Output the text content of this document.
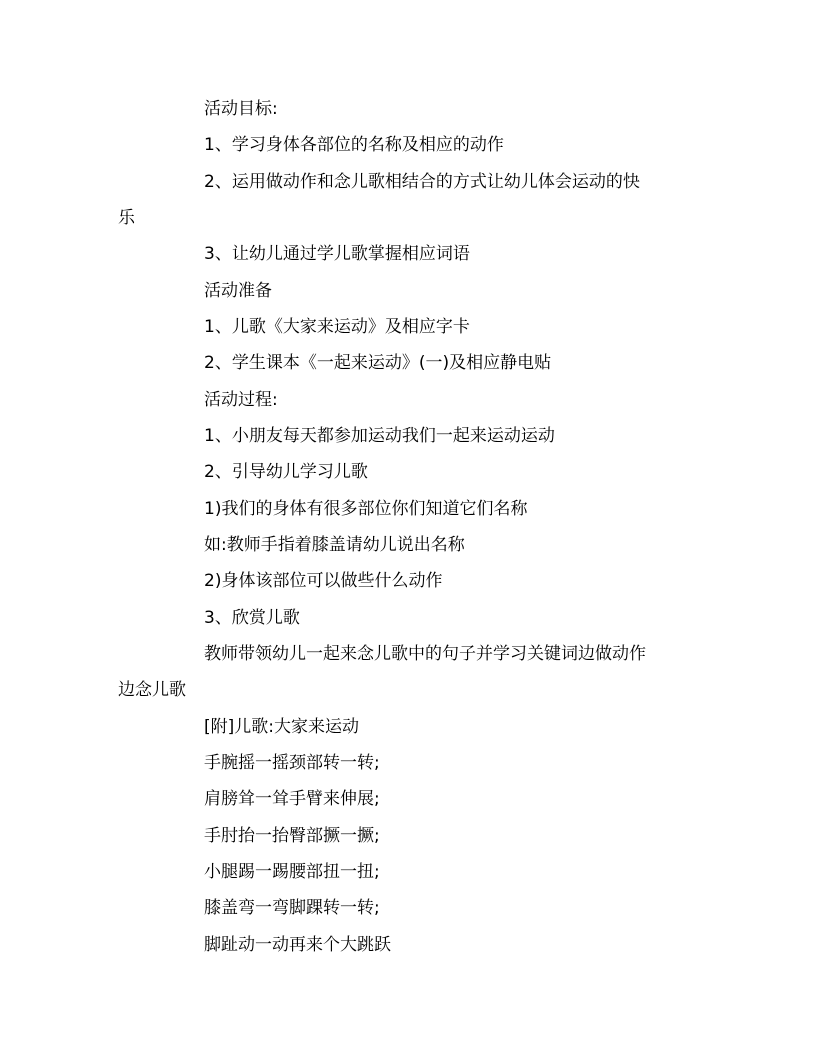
活动目标:
1、学习身体各部位的名称及相应的动作
2、运用做动作和念儿歌相结合的方式让幼儿体会运动的快
乐
3、让幼儿通过学儿歌掌握相应词语
活动准备
1、儿歌《大家来运动》及相应字卡
2、学生课本《一起来运动》(一)及相应静电贴
活动过程:
1、小朋友每天都参加运动我们一起来运动运动
2、引导幼儿学习儿歌
1)我们的身体有很多部位你们知道它们名称
如:教师手指着膝盖请幼儿说出名称
2)身体该部位可以做些什么动作
3、欣赏儿歌
教师带领幼儿一起来念儿歌中的句子并学习关键词边做动作
边念儿歌
[附]儿歌:大家来运动
手腕摇一摇颈部转一转;
肩膀耸一耸手臂来伸展;
手肘抬一抬臀部撅一撅;
小腿踢一踢腰部扭一扭;
膝盖弯一弯脚踝转一转;
脚趾动一动再来个大跳跃
